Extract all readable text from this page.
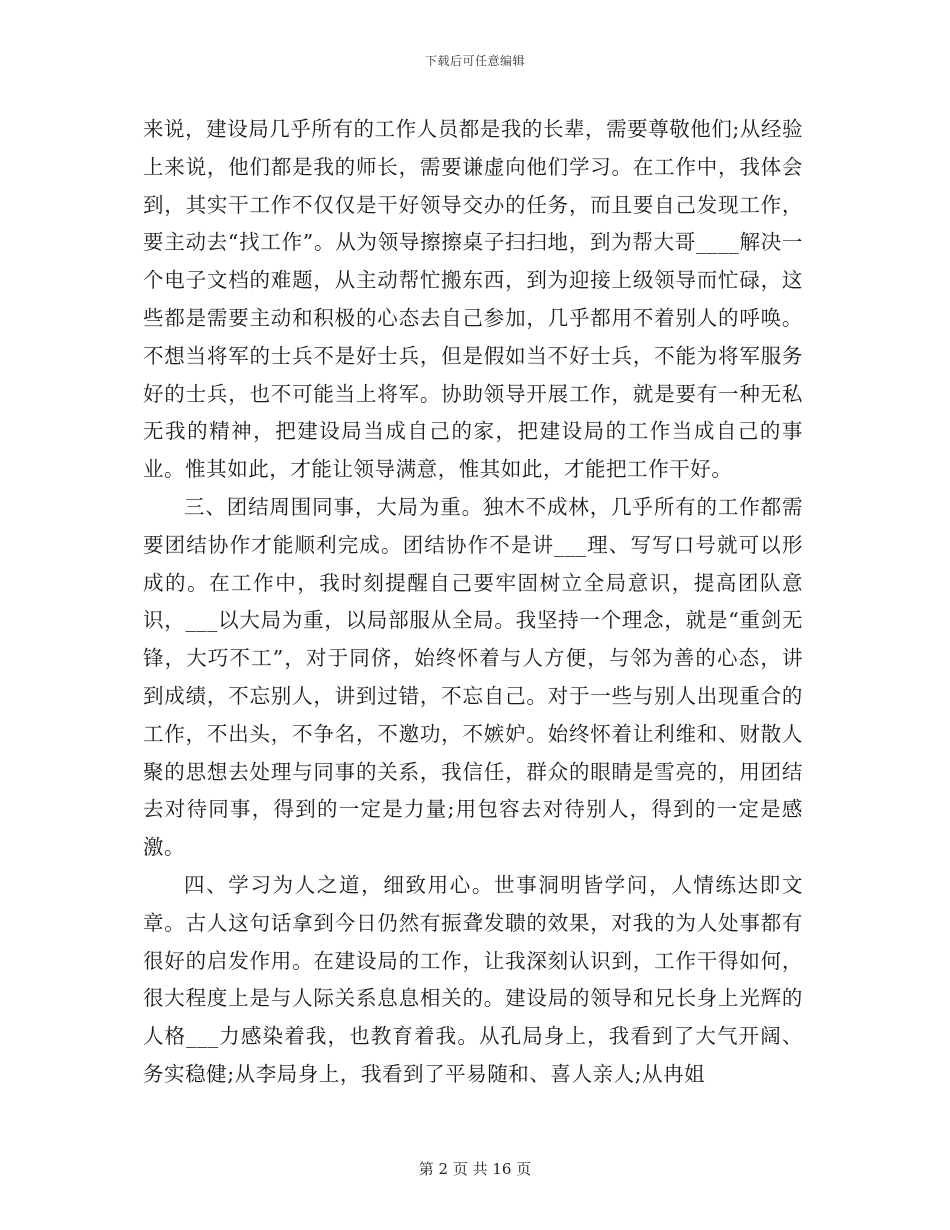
下载后可任意编辑

来说，建设局几乎所有的工作人员都是我的长辈，需要尊敬他们;从经验上来说，他们都是我的师长，需要谦虚向他们学习。在工作中，我体会到，其实干工作不仅仅是干好领导交办的任务，而且要自己发现工作，要主动去“找工作”。从为领导擦擦桌子扫扫地，到为帮大哥____解决一个电子文档的难题，从主动帮忙搬东西，到为迎接上级领导而忙碌，这些都是需要主动和积极的心态去自己参加，几乎都用不着别人的呼唤。不想当将军的士兵不是好士兵，但是假如当不好士兵，不能为将军服务好的士兵，也不可能当上将军。协助领导开展工作，就是要有一种无私无我的精神，把建设局当成自己的家，把建设局的工作当成自己的事业。惟其如此，才能让领导满意，惟其如此，才能把工作干好。

三、团结周围同事，大局为重。独木不成林，几乎所有的工作都需要团结协作才能顺利完成。团结协作不是讲___理、写写口号就可以形成的。在工作中，我时刻提醒自己要牢固树立全局意识，提高团队意识，___以大局为重，以局部服从全局。我坚持一个理念，就是“重剑无锋，大巧不工”，对于同侪，始终怀着与人方便，与邻为善的心态，讲到成绩，不忘别人，讲到过错，不忘自己。对于一些与别人出现重合的工作，不出头，不争名，不邀功，不嫉妒。始终怀着让利维和、财散人聚的思想去处理与同事的关系，我信任，群众的眼睛是雪亮的，用团结去对待同事，得到的一定是力量;用包容去对待别人，得到的一定是感激。

四、学习为人之道，细致用心。世事洞明皆学问，人情练达即文章。古人这句话拿到今日仍然有振聋发聩的效果，对我的为人处事都有很好的启发作用。在建设局的工作，让我深刻认识到，工作干得如何，很大程度上是与人际关系息息相关的。建设局的领导和兄长身上光辉的人格___力感染着我，也教育着我。从孔局身上，我看到了大气开阔、务实稳健;从李局身上，我看到了平易随和、喜人亲人;从冉姐

第 2 页 共 16 页
